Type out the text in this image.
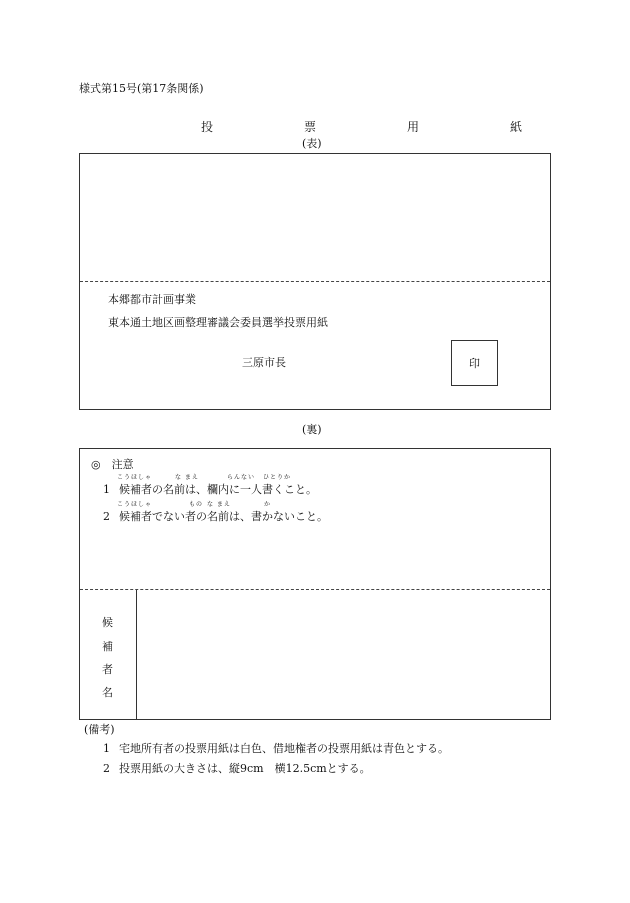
様式第15号(第17条関係)
投	票	用	紙
(表)
本郷都市計画事業
東本通土地区画整理審議会委員選挙投票用紙
三原市長	印
(裏)
◎　注意
こうほしゃ	な まえ	らんない ひとりか
1 候補者の名前は、欄内に一人書くこと。
こうほしゃ	もの な まえ	か
2 候補者でない者の名前は、書かないこと。
候
補
者
名
(備考)
1 宅地所有者の投票用紙は白色、借地権者の投票用紙は青色とする。
2 投票用紙の大きさは、縦9cm　横12.5cmとする。
